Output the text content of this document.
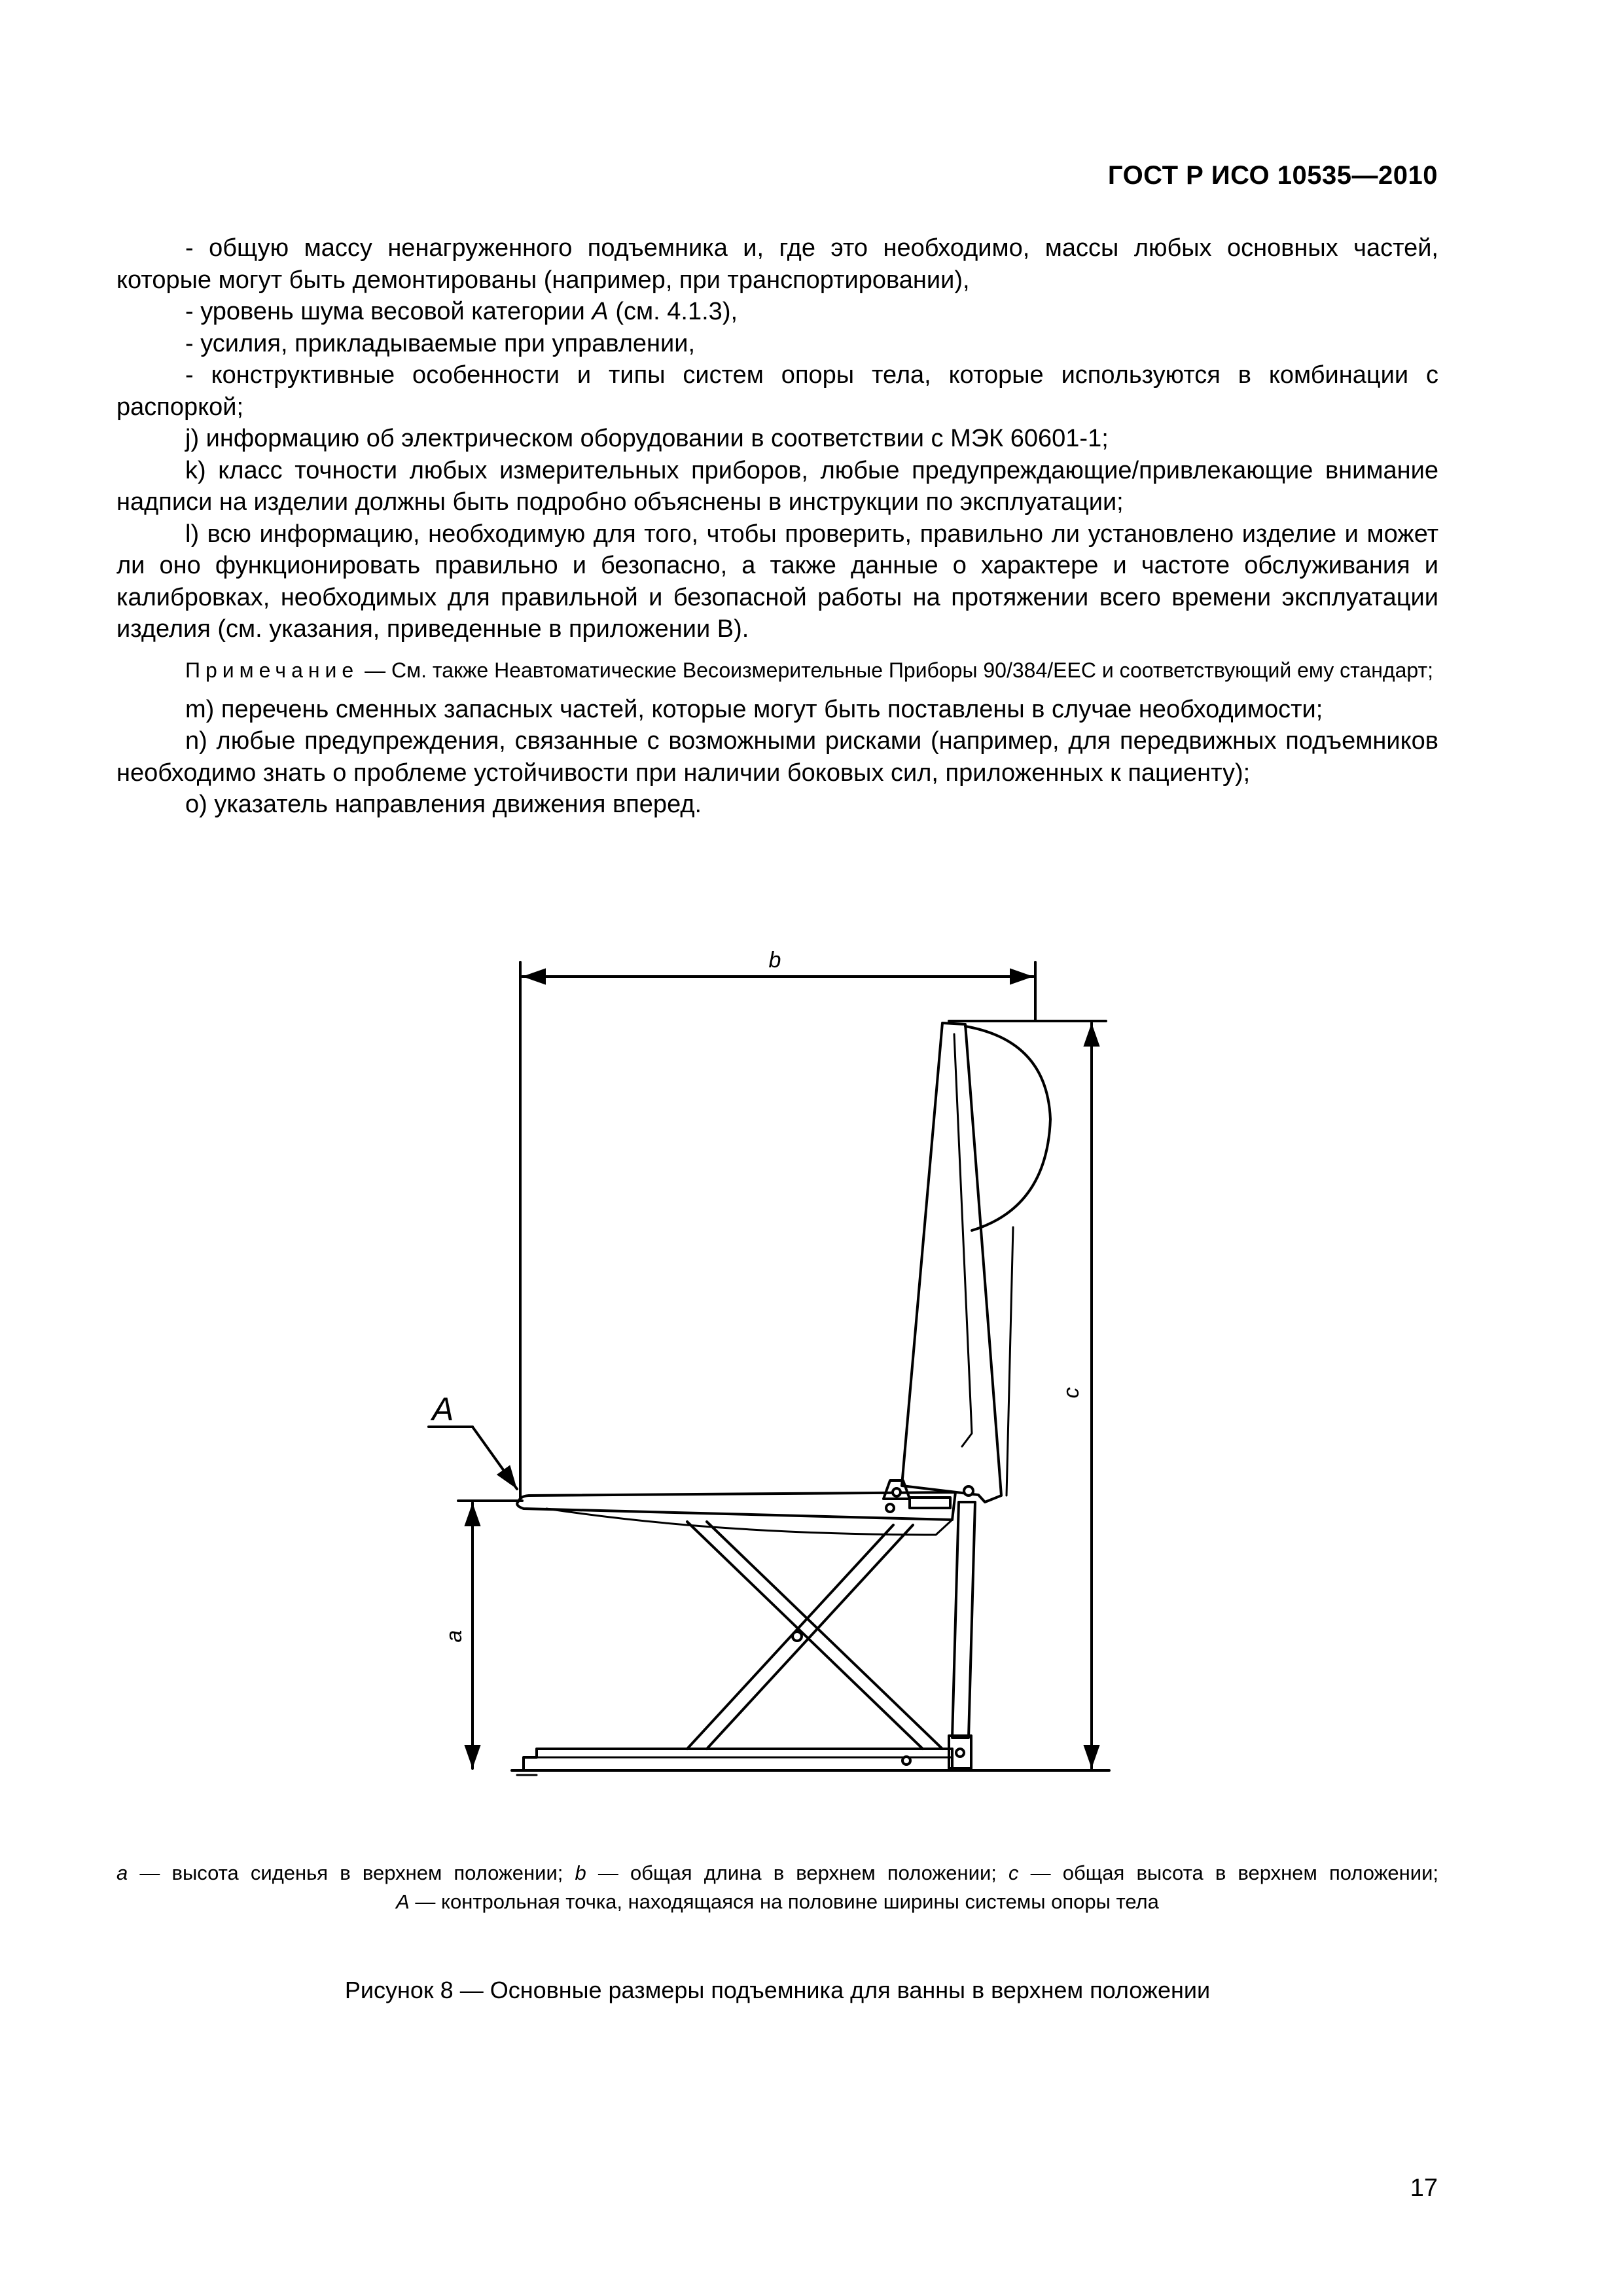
ГОСТ Р ИСО 10535—2010

- общую массу ненагруженного подъемника и, где это необходимо, массы любых основных частей, которые могут быть демонтированы (например, при транспортировании),

- уровень шума весовой категории A (см. 4.1.3),

- усилия, прикладываемые при управлении,

- конструктивные особенности и типы систем опоры тела, которые используются в комбинации с распоркой;

j) информацию об электрическом оборудовании в соответствии с МЭК 60601-1;

k) класс точности любых измерительных приборов, любые предупреждающие/привлекающие внимание надписи на изделии должны быть подробно объяснены в инструкции по эксплуатации;

l) всю информацию, необходимую для того, чтобы проверить, правильно ли установлено изделие и может ли оно функционировать правильно и безопасно, а также данные о характере и частоте обслуживания и калибровках, необходимых для правильной и безопасной работы на протяжении всего времени эксплуатации изделия (см. указания, приведенные в приложении В).

Примечание — См. также Неавтоматические Весоизмерительные Приборы 90/384/EEC и соответствующий ему стандарт;

m) перечень сменных запасных частей, которые могут быть поставлены в случае необходимости;

n) любые предупреждения, связанные с возможными рисками (например, для передвижных подъемников необходимо знать о проблеме устойчивости при наличии боковых сил, приложенных к пациенту);

o) указатель направления движения вперед.

b
c
a
A

a — высота сиденья в верхнем положении; b — общая длина в верхнем положении; c — общая высота в верхнем положении;

A — контрольная точка, находящаяся на половине ширины системы опоры тела

Рисунок 8 — Основные размеры подъемника для ванны в верхнем положении
17
